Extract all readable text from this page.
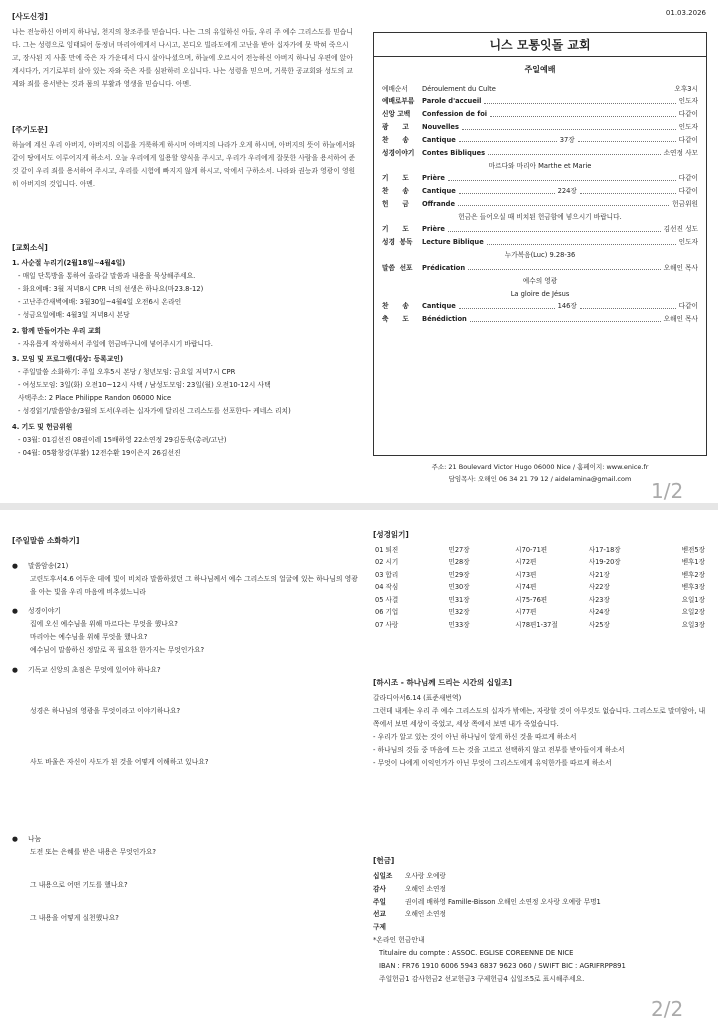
01.03.2026
[사도신경]
나는 전능하신 아버지 하나님, 천지의 창조주를 믿습니다. 나는 그의 유일하신 아들, 우리 주 예수 그리스도를 믿습니다. 그는 성령으로 잉태되어 동정녀 마리아에게서 나시고, 본디오 빌라도에게 고난을 받아 십자가에 못 박혀 죽으시고, 장사된 지 사흘 만에 죽은 자 가운데서 다시 살아나셨으며, 하늘에 오르시어 전능하신 아버지 하나님 우편에 앉아 계시다가, 거기로부터 살아 있는 자와 죽은 자를 심판하러 오십니다. 나는 성령을 믿으며, 거룩한 공교회와 성도의 교제와 죄를 용서받는 것과 몸의 부활과 영생을 믿습니다. 아멘.
[주기도문]
하늘에 계신 우리 아버지, 아버지의 이름을 거룩하게 하시며 아버지의 나라가 오게 하시며, 아버지의 뜻이 하늘에서와 같이 땅에서도 이루어지게 하소서. 오늘 우리에게 일용할 양식을 주시고, 우리가 우리에게 잘못한 사람을 용서하여 준 것 같이 우리 죄를 용서하여 주시고, 우리를 시험에 빠지지 않게 하시고, 악에서 구하소서. 나라와 권능과 영광이 영원히 아버지의 것입니다. 아멘.
[교회소식]
1. 사순절 누리기(2월18일~4월4일)
- 매일 단톡방을 통하여 올라갈 말씀과 내용을 묵상해주세요.
- 화요예배: 3월 저녁8시 CPR 너의 선생은 하나요(마23.8-12)
- 고난주간새벽예배: 3월30일~4월4일 오전6시 온라인
- 성금요일예배: 4월3일 저녁8시 본당
2. 함께 만들어가는 우리 교회
- 자유롭게 작성하셔서 주일에 헌금바구니에 넣어주시기 바랍니다.
3. 모임 및 프로그램(대상: 등록교인)
- 주일말씀 소화하기: 주일 오후5시 본당 / 청년모임: 금요일 저녁7시 CPR
- 여성도모임: 3일(화) 오전10~12시 사택 / 남성도모임: 23일(월) 오전10-12시 사택
사택주소: 2 Place Philippe Randon 06000 Nice
- 성경읽기/말씀암송/3월의 도서(우리는 십자가에 달리신 그리스도를 선포한다- 케네스 리치)
4. 기도 및 헌금위원
- 03월: 01김선진 08권이레 15배하영 22소연정 29김동욱(총려/고난)
- 04월: 05황창강(부활) 12전수환 19이은지 26김선진
니스 모통잇돌 교회
주일예배
예배순서	Déroulement du Culte	오후3시
예배로부름	Parole d'accueil	인도자
신앙 고백	Confession de foi	다같이
광      고	Nouvelles	인도자
찬      송	Cantique	37장	다같이
성경이야기	Contes Bibliques	소연정 사모
마르다와 마리아 Marthe et Marie
기      도	Prière	다같이
찬      송	Cantique	224장	다같이
헌      금	Offrande	헌금위원
헌금은 들어오실 때 비치된 헌금함에 넣으시기 바랍니다.
기      도	Prière	김선진 성도
성경  봉독	Lecture Biblique	인도자
누가복음(Luc) 9.28-36
말씀  선포	Prédication	오해인 목사
예수의 영광
La gloire de Jésus
찬      송	Cantique	146장	다같이
축      도	Bénédiction	오해인 목사
주소: 21 Boulevard Victor Hugo 06000 Nice / 홈페이지: www.enice.fr
담임목사: 오해인 06 34 21 79 12 / aidelamina@gmail.com 1/2
[주일말씀 소화하기]
● 말씀암송(21)
고린도후서4.6 어두운 데에 빛이 비치라 말씀하셨던 그 하나님께서 예수 그리스도의 얼굴에 있는 하나님의 영광을 아는 빛을 우리 마음에 비추셨느니라
● 성경이야기
집에 오신 예수님을 위해 마르다는 무엇을 했나요?
마리아는 예수님을 위해 무엇을 했나요?
예수님이 말씀하신 정말로 꼭 필요한 한가지는 무엇인가요?
● 기독교 신앙의 초점은 무엇에 있어야 하나요?
성경은 하나님의 영광을 무엇이라고 이야기하나요?
사도 바울은 자신이 사도가 된 것을 어떻게 이해하고 있나요?
● 나눔
도전 또는 은혜를 받은 내용은 무엇인가요?
그 내용으로 어떤 기도를 했나요?
그 내용을 어떻게 실천했나요?
[성경읽기]
01 퇴진	민27장	시70-71편	사17-18장	벧전5장
02 시기	민28장	시72편	사19-20장	벧후1장
03 합리	민29장	시73편	사21장	벧후2장
04 작심	민30장	시74편	사22장	벧후3장
05 사결	민31장	시75-76편	사23장	요일1장
06 기업	민32장	시77편	사24장	요일2장
07 사랑	민33장	시78편1-37절	사25장	요일3장
[하시조 - 하나님께 드리는 시간의 십일조]
갈라디아서6.14 (표준새번역)
그런데 내게는 우리 주 예수 그리스도의 십자가 밖에는, 자랑할 것이 아무것도 없습니다. 그리스도로 말미암아, 내 쪽에서 보면 세상이 죽었고, 세상 쪽에서 보면 내가 죽었습니다.
- 우리가 알고 있는 것이 아닌 하나님이 알게 하신 것을 따르게 하소서
- 하나님의 것들 중 마음에 드는 것을 고르고 선택하지 않고 전부를 받아들이게 하소서
- 무엇이 나에게 이익인가가 아닌 무엇이 그리스도에게 유익한가를 따르게 하소서
[헌금]
십일조	오사랑 오예랑
감사	오해인 소연정
주일	권이레 배하영 Famille-Bisson 오해인 소연정 오사랑 오예랑 무명1
선교	오해인 소연정
구제
*온라인 헌금안내
Titulaire du compte : ASSOC. EGLISE COREENNE DE NICE
IBAN : FR76 1910 6006 5943 6837 9623 060 / SWIFT BIC : AGRIFRPP891
주일헌금1 감사헌금2 선교헌금3 구제헌금4 십일조5로 표시해주세요.
2/2
